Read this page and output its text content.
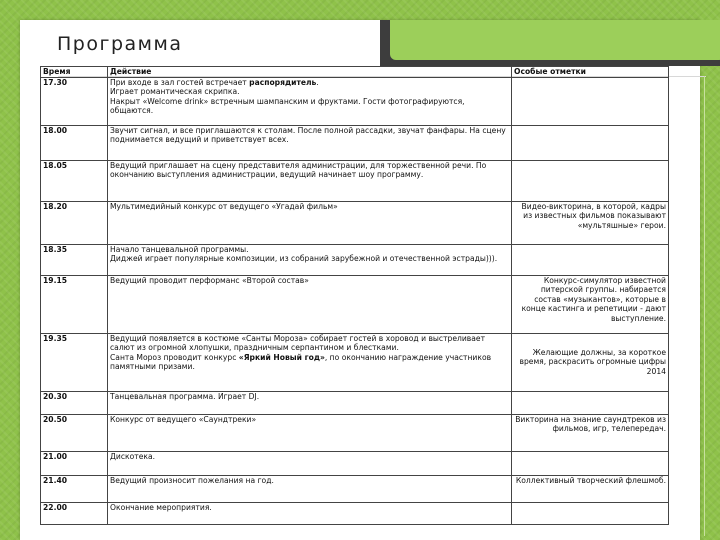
Программа
Время	Действие	Особые отметки
17.30	При входе в зал гостей встречает распорядитель.
Играет романтическая скрипка.
Накрыт «Welcome drink» встречным шампанским и фруктами. Гости фотографируются, общаются.	
18.00	Звучит сигнал, и все приглашаются к столам. После полной рассадки, звучат фанфары. На сцену поднимается ведущий и приветствует всех.	
18.05	Ведущий приглашает на сцену представителя администрации, для торжественной речи. По окончанию выступления администрации, ведущий начинает шоу программу.	
18.20	Мультимедийный конкурс от ведущего «Угадай фильм»	Видео-викторина, в которой, кадры из известных фильмов показывают «мультяшные» герои.
18.35	Начало танцевальной программы.
Диджей играет популярные композиции, из собраний зарубежной и отечественной эстрады))).	
19.15	Ведущий проводит перформанс «Второй состав»	Конкурс-симулятор известной питерской группы. набирается состав «музыкантов», которые в конце кастинга и репетиции - дают выступление.
19.35	Ведущий появляется в костюме «Санты Мороза» собирает гостей в хоровод и выстреливает салют из огромной хлопушки, праздничным серпантином и блестками.
Санта Мороз проводит конкурс «Яркий Новый год», по окончанию награждение участников памятными призами.	Желающие должны, за короткое время, раскрасить огромные цифры 2014
20.30	Танцевальная программа. Играет DJ.	
20.50	Конкурс от ведущего «Саундтреки»	Викторина на знание саундтреков из фильмов, игр, телепередач.
21.00	Дискотека.	
21.40	Ведущий произносит пожелания на год.	Коллективный творческий флешмоб.
22.00	Окончание мероприятия.	
